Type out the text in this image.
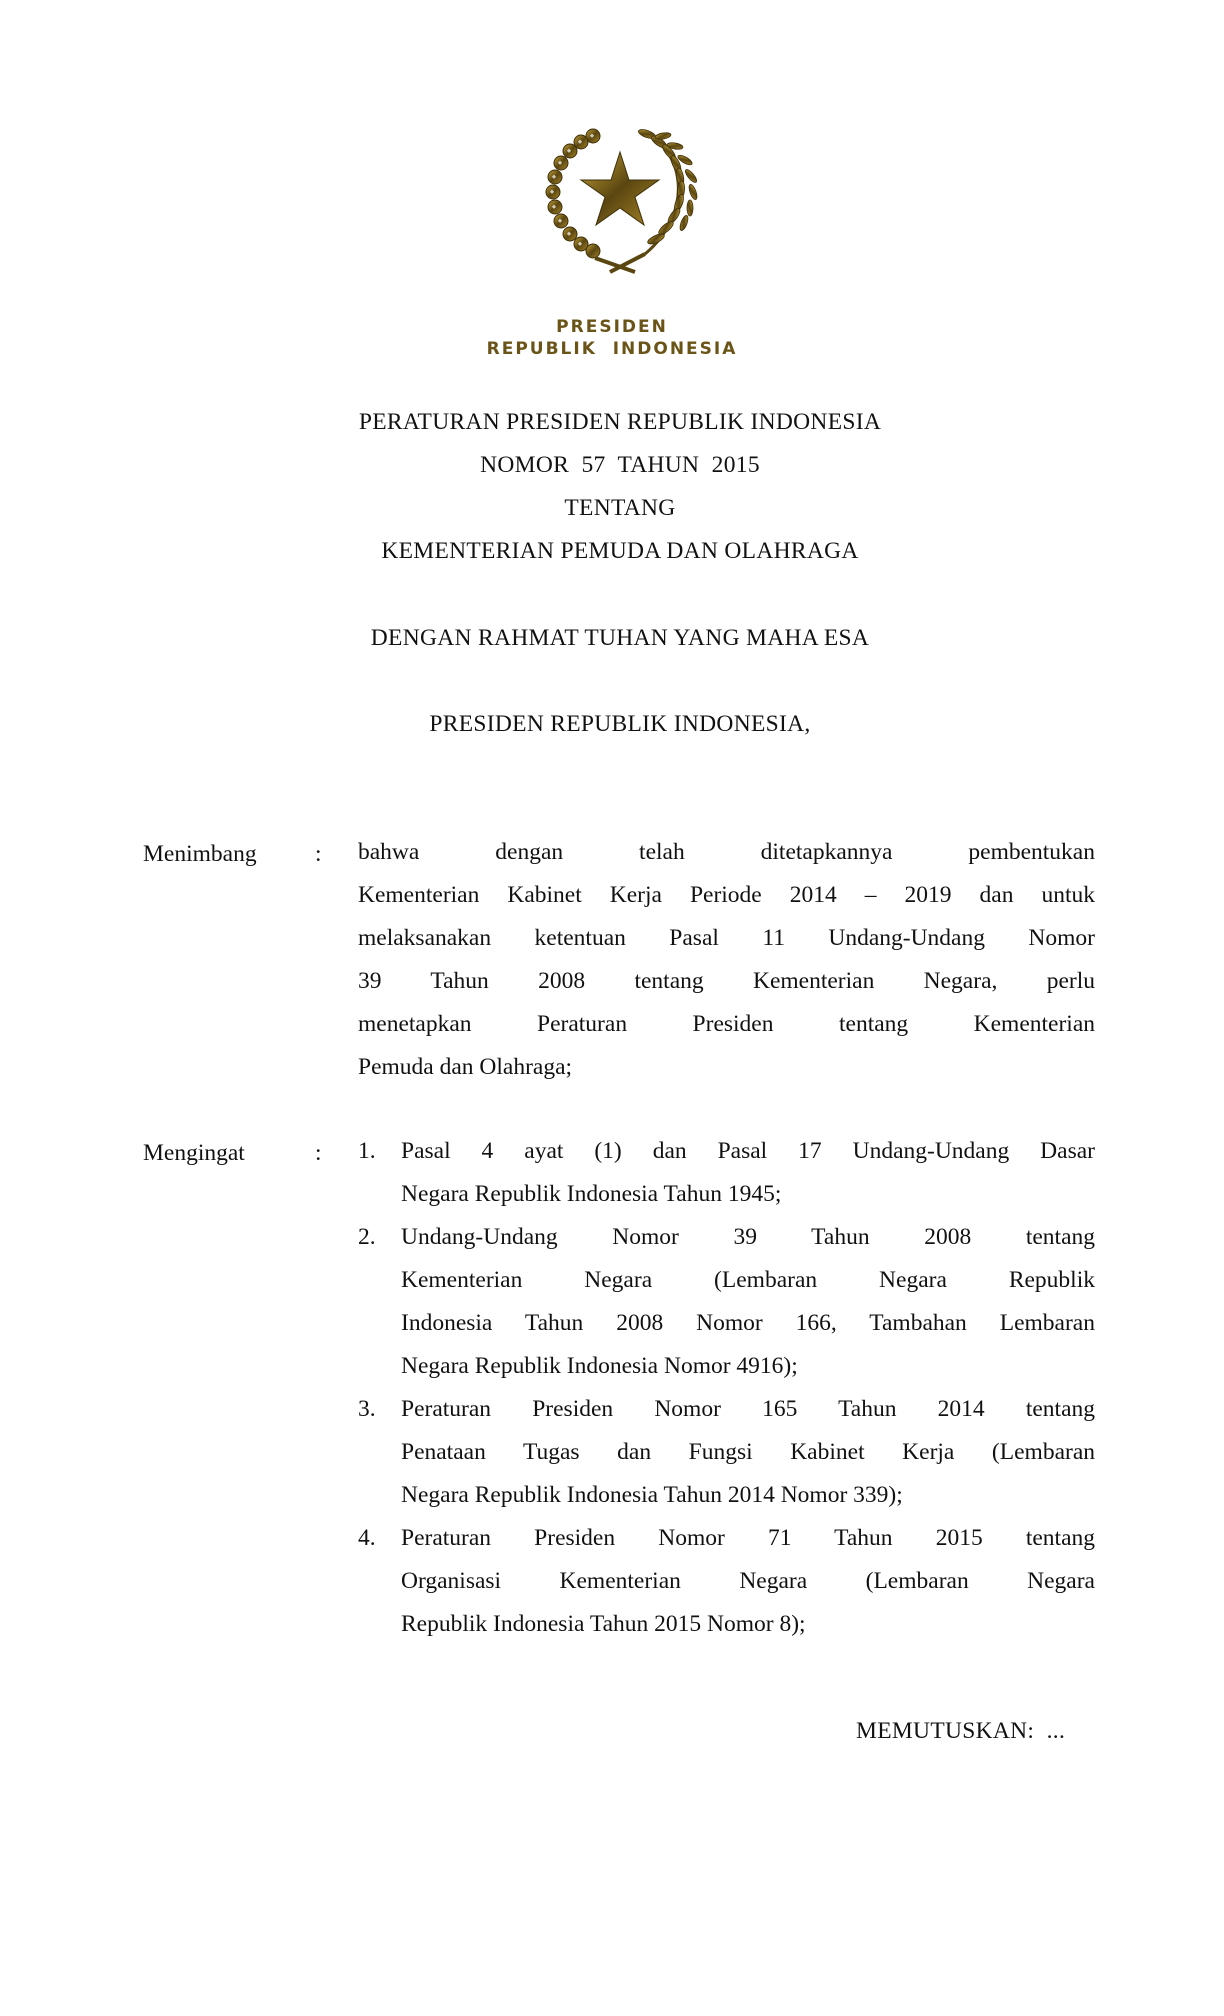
PRESIDEN
REPUBLIK  INDONESIA
PERATURAN PRESIDEN REPUBLIK INDONESIA
NOMOR  57  TAHUN  2015
TENTANG
KEMENTERIAN PEMUDA DAN OLAHRAGA
DENGAN RAHMAT TUHAN YANG MAHA ESA
PRESIDEN REPUBLIK INDONESIA,
Menimbang : bahwa dengan telah ditetapkannya pembentukan
Kementerian Kabinet Kerja Periode 2014 – 2019 dan untuk
melaksanakan ketentuan Pasal 11 Undang-Undang Nomor
39 Tahun 2008 tentang Kementerian Negara, perlu
menetapkan Peraturan Presiden tentang Kementerian
Pemuda dan Olahraga;
Mengingat	: 1. Pasal 4 ayat (1) dan Pasal 17 Undang-Undang Dasar
Negara Republik Indonesia Tahun 1945;
2. Undang-Undang Nomor 39 Tahun 2008 tentang
Kementerian Negara (Lembaran Negara Republik
Indonesia Tahun 2008 Nomor 166, Tambahan Lembaran
Negara Republik Indonesia Nomor 4916);
3. Peraturan Presiden Nomor 165 Tahun 2014 tentang
Penataan Tugas dan Fungsi Kabinet Kerja (Lembaran
Negara Republik Indonesia Tahun 2014 Nomor 339);
4. Peraturan Presiden Nomor 71 Tahun 2015 tentang
Organisasi Kementerian Negara (Lembaran Negara
Republik Indonesia Tahun 2015 Nomor 8);
MEMUTUSKAN:  ...
